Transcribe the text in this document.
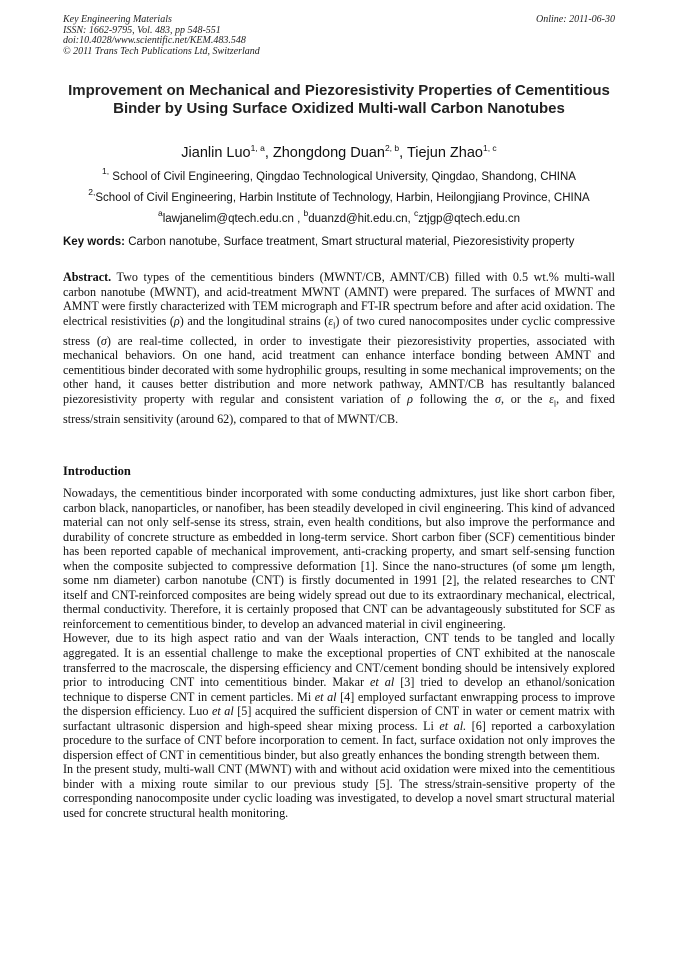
Key Engineering Materials
ISSN: 1662-9795, Vol. 483, pp 548-551
doi:10.4028/www.scientific.net/KEM.483.548
© 2011 Trans Tech Publications Ltd, Switzerland
Online: 2011-06-30
Improvement on Mechanical and Piezoresistivity Properties of Cementitious Binder by Using Surface Oxidized Multi-wall Carbon Nanotubes
Jianlin Luo$^{1, a}$, Zhongdong Duan$^{2, b}$, Tiejun Zhao$^{1, c}$
$^{1,}$ School of Civil Engineering, Qingdao Technological University, Qingdao, Shandong, CHINA
$^{2,}$School of Civil Engineering, Harbin Institute of Technology, Harbin, Heilongjiang Province, CHINA
$^a$lawjanelim@qtech.edu.cn , $^b$duanzd@hit.edu.cn, $^c$ztjgp@qtech.edu.cn
Key words: Carbon nanotube, Surface treatment, Smart structural material, Piezoresistivity property
Abstract. Two types of the cementitious binders (MWNT/CB, AMNT/CB) filled with 0.5 wt.% multi-wall carbon nanotube (MWNT), and acid-treatment MWNT (AMNT) were prepared. The surfaces of MWNT and AMNT were firstly characterized with TEM micrograph and FT-IR spectrum before and after acid oxidation. The electrical resistivities (ρ) and the longitudinal strains $(\varepsilon_l)$ of two cured nanocomposites under cyclic compressive stress (σ) are real-time collected, in order to investigate their piezoresistivity properties, associated with mechanical behaviors. On one hand, acid treatment can enhance interface bonding between AMNT and cementitious binder decorated with some hydrophilic groups, resulting in some mechanical improvements; on the other hand, it causes better distribution and more network pathway, AMNT/CB has resultantly balanced piezoresistivity property with regular and consistent variation of ρ following the σ, or the $\varepsilon_l$, and fixed stress/strain sensitivity (around 62), compared to that of MWNT/CB.
Introduction

Nowadays, the cementitious binder incorporated with some conducting admixtures, just like short carbon fiber, carbon black, nanoparticles, or nanofiber, has been steadily developed in civil engineering. This kind of advanced material can not only self-sense its stress, strain, even health conditions, but also improve the performance and durability of concrete structure as embedded in long-term service. Short carbon fiber (SCF) cementitious binder has been reported capable of mechanical improvement, anti-cracking property, and smart self-sensing function when the composite subjected to compressive deformation [1]. Since the nano-structures (of some μm length, some nm diameter) carbon nanotube (CNT) is firstly documented in 1991 [2], the related researches to CNT itself and CNT-reinforced composites are being widely spread out due to its extraordinary mechanical, electrical, thermal conductivity. Therefore, it is certainly proposed that CNT can be advantageously substituted for SCF as reinforcement to cementitious binder, to develop an advanced material in civil engineering.

However, due to its high aspect ratio and van der Waals interaction, CNT tends to be tangled and locally aggregated. It is an essential challenge to make the exceptional properties of CNT exhibited at the nanoscale transferred to the macroscale, the dispersing efficiency and CNT/cement bonding should be intensively explored prior to introducing CNT into cementitious binder. Makar et al [3] tried to develop an ethanol/sonication technique to disperse CNT in cement particles. Mi et al [4] employed surfactant enwrapping process to improve the dispersion efficiency. Luo et al [5] acquired the sufficient dispersion of CNT in water or cement matrix with surfactant ultrasonic dispersion and high-speed shear mixing process. Li et al. [6] reported a carboxylation procedure to the surface of CNT before incorporation to cement. In fact, surface oxidation not only improves the dispersion effect of CNT in cementitious binder, but also greatly enhances the bonding strength between them.

In the present study, multi-wall CNT (MWNT) with and without acid oxidation were mixed into the cementitious binder with a mixing route similar to our previous study [5]. The stress/strain-sensitive property of the corresponding nanocomposite under cyclic loading was investigated, to develop a novel smart structural material used for concrete structural health monitoring.
